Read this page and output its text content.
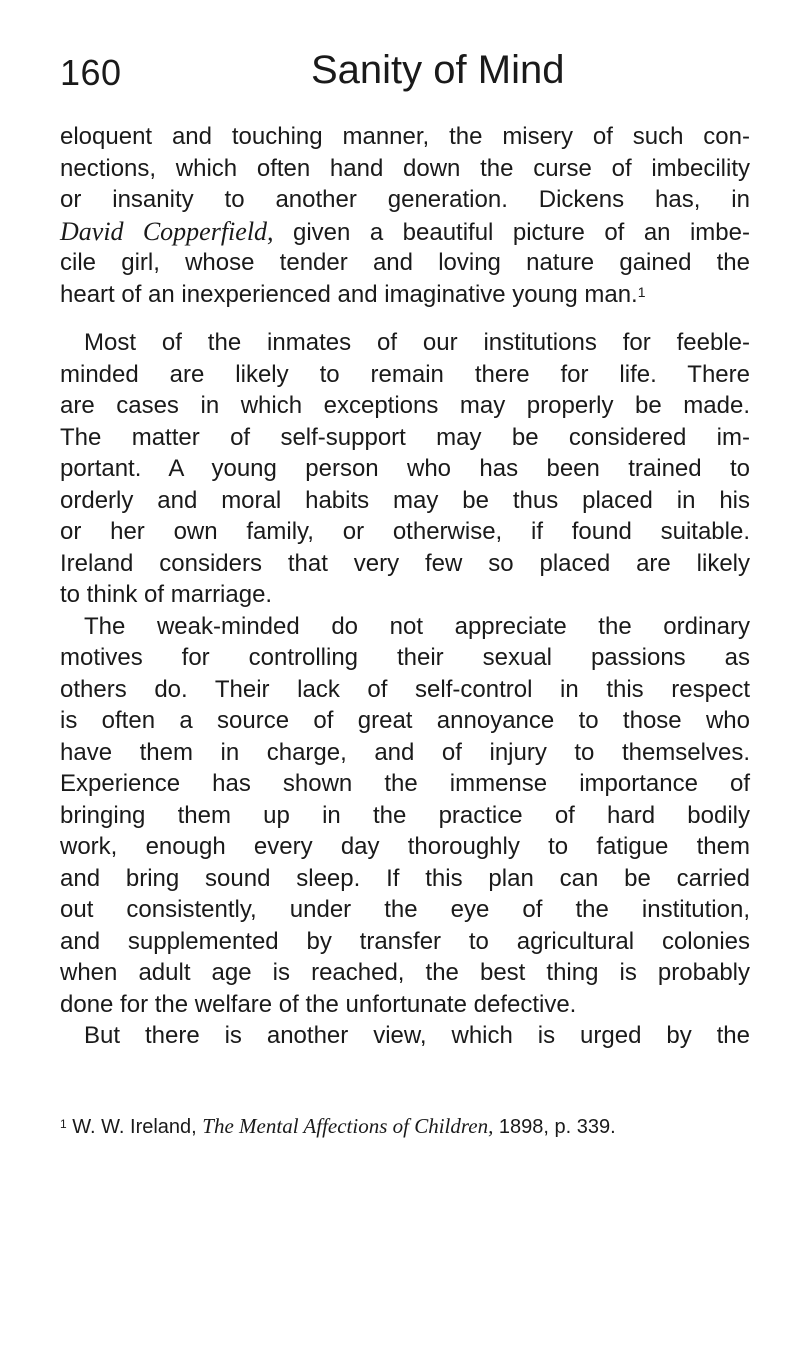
160	Sanity of Mind
eloquent and touching manner, the misery of such con-
nections, which often hand down the curse of imbecility
or insanity to another generation. Dickens has, in
David Copperfield, given a beautiful picture of an imbe-
cile girl, whose tender and loving nature gained the
heart of an inexperienced and imaginative young man.$^1$
Most of the inmates of our institutions for feeble-
minded are likely to remain there for life. There
are cases in which exceptions may properly be made.
The matter of self-support may be considered im-
portant. A young person who has been trained to
orderly and moral habits may be thus placed in his
or her own family, or otherwise, if found suitable.
Ireland considers that very few so placed are likely
to think of marriage.
The weak-minded do not appreciate the ordinary
motives for controlling their sexual passions as
others do. Their lack of self-control in this respect
is often a source of great annoyance to those who
have them in charge, and of injury to themselves.
Experience has shown the immense importance of
bringing them up in the practice of hard bodily
work, enough every day thoroughly to fatigue them
and bring sound sleep. If this plan can be carried
out consistently, under the eye of the institution,
and supplemented by transfer to agricultural colonies
when adult age is reached, the best thing is probably
done for the welfare of the unfortunate defective.
But there is another view, which is urged by the
$^1$ W. W. Ireland, The Mental Affections of Children, 1898, p. 339.
